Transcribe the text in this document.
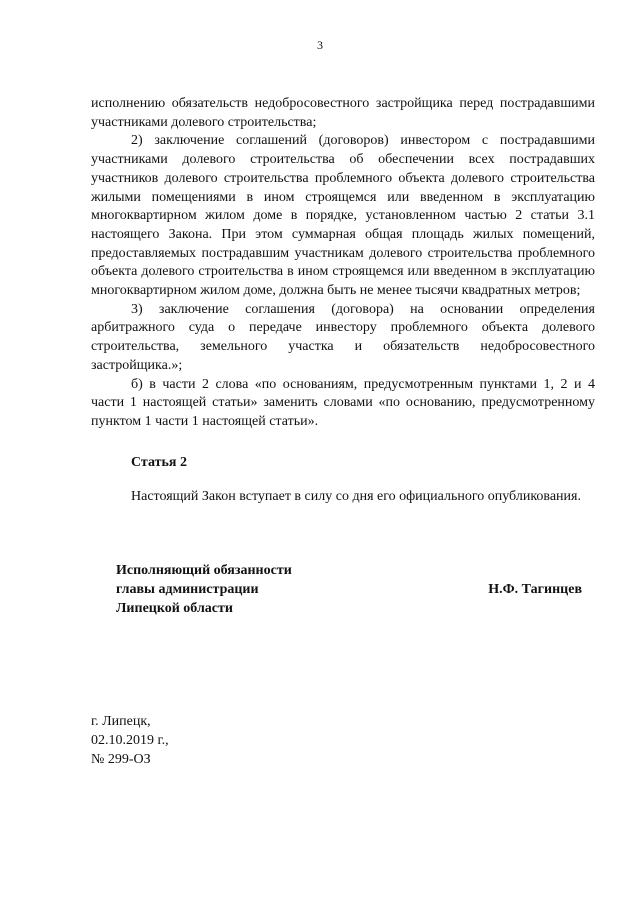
3

исполнению обязательств недобросовестного застройщика перед пострадавшими участниками долевого строительства;

2) заключение соглашений (договоров) инвестором с пострадавшими участниками долевого строительства об обеспечении всех пострадавших участников долевого строительства проблемного объекта долевого строительства жилыми помещениями в ином строящемся или введенном в эксплуатацию многоквартирном жилом доме в порядке, установленном частью 2 статьи 3.1 настоящего Закона. При этом суммарная общая площадь жилых помещений, предоставляемых пострадавшим участникам долевого строительства проблемного объекта долевого строительства в ином строящемся или введенном в эксплуатацию многоквартирном жилом доме, должна быть не менее тысячи квадратных метров;

3) заключение соглашения (договора) на основании определения арбитражного суда о передаче инвестору проблемного объекта долевого строительства, земельного участка и обязательств недобросовестного застройщика.»;

б) в части 2 слова «по основаниям, предусмотренным пунктами 1, 2 и 4 части 1 настоящей статьи» заменить словами «по основанию, предусмотренному пунктом 1 части 1 настоящей статьи».

Статья 2

Настоящий Закон вступает в силу со дня его официального опубликования.

Исполняющий обязанности
главы администрации
Липецкой области
Н.Ф. Тагинцев
г. Липецк,
02.10.2019 г.,
№ 299-ОЗ
